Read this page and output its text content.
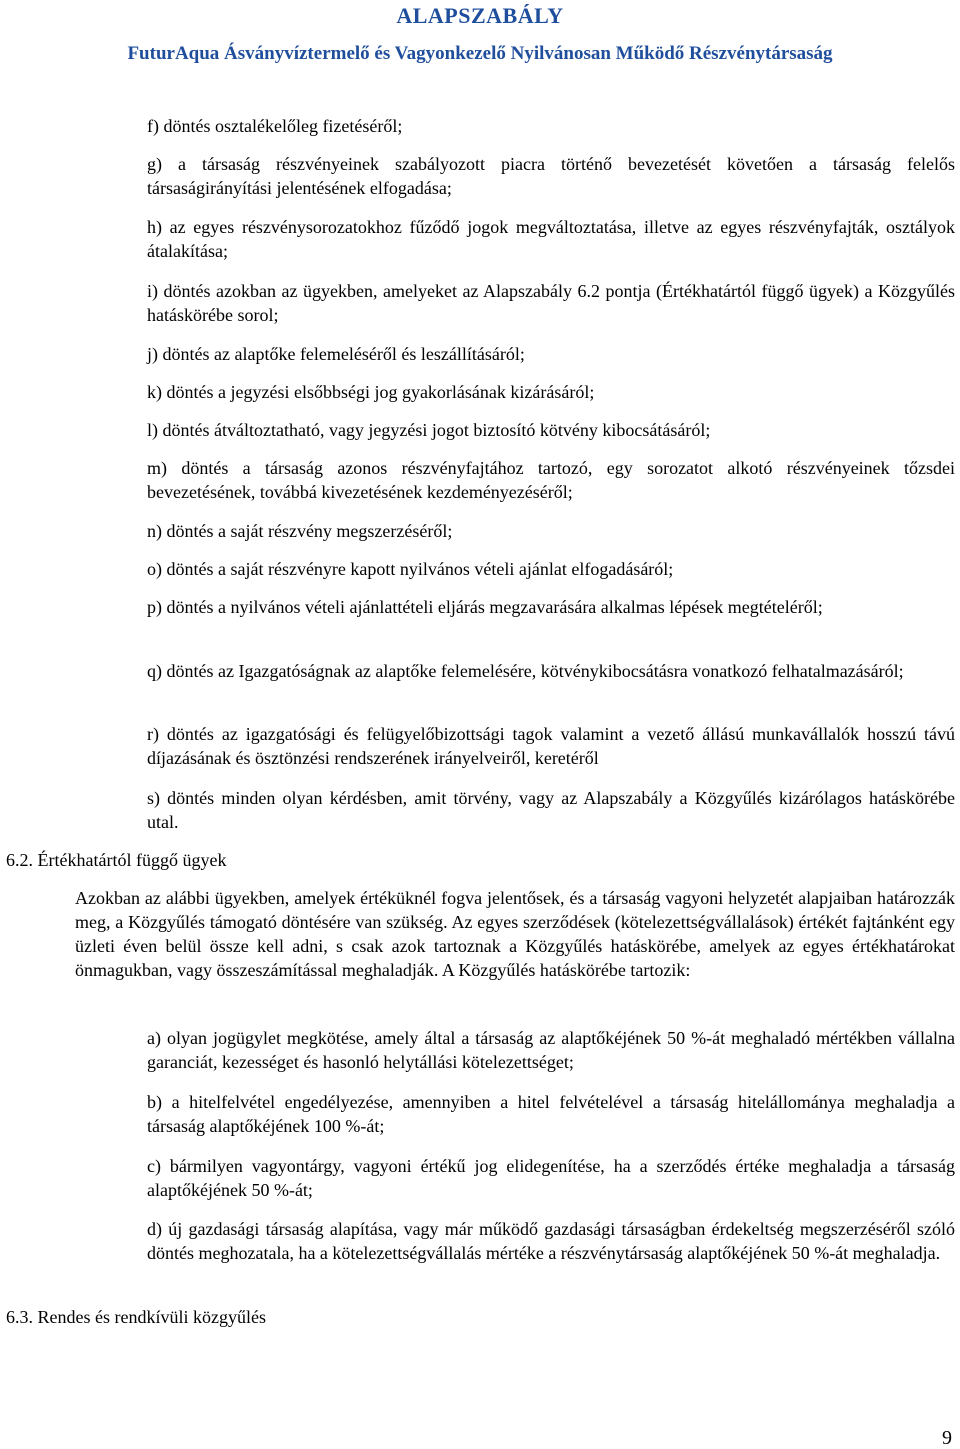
ALAPSZABÁLY
FuturAqua Ásványvíztermelő és Vagyonkezelő Nyilvánosan Működő Részvénytársaság
f) döntés osztalékelőleg fizetéséről;
g) a társaság részvényeinek szabályozott piacra történő bevezetését követően a társaság felelős társaságirányítási jelentésének elfogadása;
h) az egyes részvénysorozatokhoz fűződő jogok megváltoztatása, illetve az egyes részvényfajták, osztályok átalakítása;
i) döntés azokban az ügyekben, amelyeket az Alapszabály 6.2 pontja (Értékhatártól függő ügyek) a Közgyűlés hatáskörébe sorol;
j) döntés az alaptőke felemeléséről és leszállításáról;
k) döntés a jegyzési elsőbbségi jog gyakorlásának kizárásáról;
l) döntés átváltoztatható, vagy jegyzési jogot biztosító kötvény kibocsátásáról;
m) döntés a társaság azonos részvényfajtához tartozó, egy sorozatot alkotó részvényeinek tőzsdei bevezetésének, továbbá kivezetésének kezdeményezéséről;
n) döntés a saját részvény megszerzéséről;
o) döntés a saját részvényre kapott nyilvános vételi ajánlat elfogadásáról;
p) döntés a nyilvános vételi ajánlattételi eljárás megzavarására alkalmas lépések megtételéről;
q) döntés az Igazgatóságnak az alaptőke felemelésére, kötvénykibocsátásra vonatkozó felhatalmazásáról;
r) döntés az igazgatósági és felügyelőbizottsági tagok valamint a vezető állású munkavállalók hosszú távú díjazásának és ösztönzési rendszerének irányelveiről, keretéről
s) döntés minden olyan kérdésben, amit törvény, vagy az Alapszabály a Közgyűlés kizárólagos hatáskörébe utal.
6.2. Értékhatártól függő ügyek
Azokban az alábbi ügyekben, amelyek értéküknél fogva jelentősek, és a társaság vagyoni helyzetét alapjaiban határozzák meg, a Közgyűlés támogató döntésére van szükség. Az egyes szerződések (kötelezettségvállalások) értékét fajtánként egy üzleti éven belül össze kell adni, s csak azok tartoznak a Közgyűlés hatáskörébe, amelyek az egyes értékhatárokat önmagukban, vagy összeszámítással meghaladják. A Közgyűlés hatáskörébe tartozik:
a) olyan jogügylet megkötése, amely által a társaság az alaptőkéjének 50 %-át meghaladó mértékben vállalna garanciát, kezességet és hasonló helytállási kötelezettséget;
b) a hitelfelvétel engedélyezése, amennyiben a hitel felvételével a társaság hitelállománya meghaladja a társaság alaptőkéjének 100 %-át;
c) bármilyen vagyontárgy, vagyoni értékű jog elidegenítése, ha a szerződés értéke meghaladja a társaság alaptőkéjének 50 %-át;
d) új gazdasági társaság alapítása, vagy már működő gazdasági társaságban érdekeltség megszerzéséről szóló döntés meghozatala, ha a kötelezettségvállalás mértéke a részvénytársaság alaptőkéjének 50 %-át meghaladja.
6.3. Rendes és rendkívüli közgyűlés
9
